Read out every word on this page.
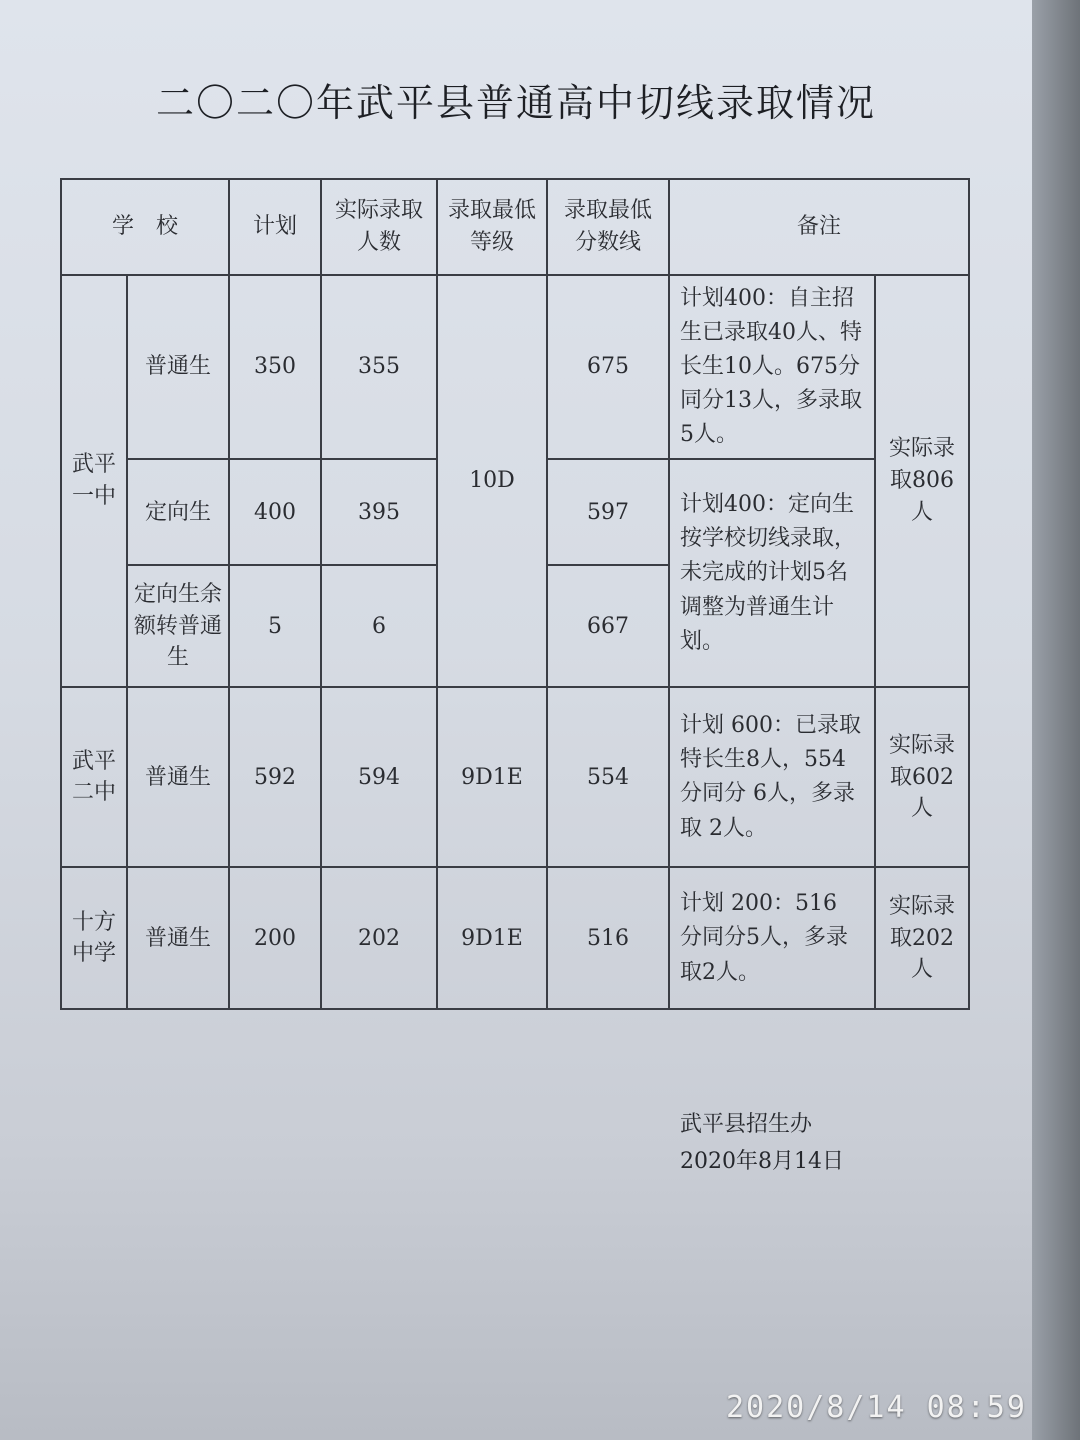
二〇二〇年武平县普通高中切线录取情况
学　校		计划	实际录取人数	录取最低等级	录取最低分数线	备注	
武平一中	普通生	350	355	10D	675	计划400：自主招生已录取40人、特长生10人。675分同分13人，多录取 5人。	实际录取806人
	定向生	400	395		597	计划400：定向生按学校切线录取，未完成的计划5名调整为普通生计划。	
	定向生余额转普通生	5	6		667		
武平二中	普通生	592	594	9D1E	554	计划 600：已录取特长生8人，554 分同分 6人，多录取 2人。	实际录取602人
十方中学	普通生	200	202	9D1E	516	计划 200：516 分同分5人，多录取2人。	实际录取202人
武平县招生办
2020年8月14日
2020/8/14 08:59
